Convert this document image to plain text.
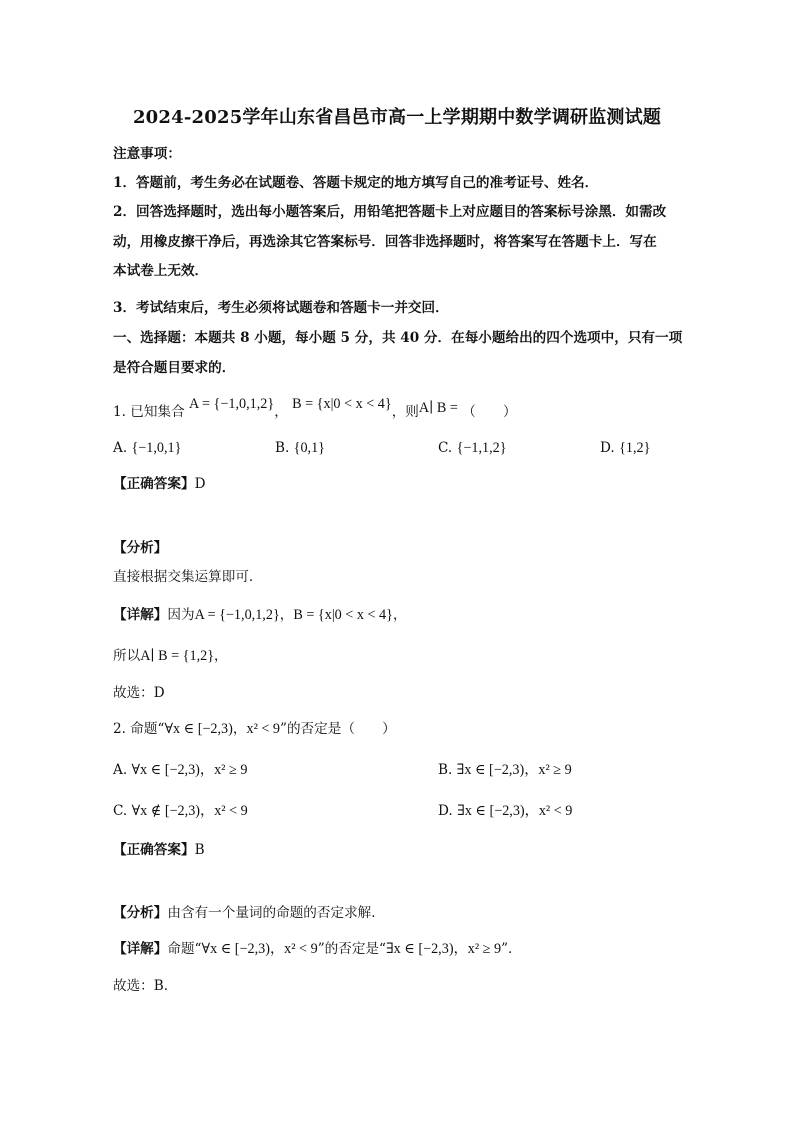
2024-2025学年山东省昌邑市高一上学期期中数学调研监测试题
注意事项：
1．答题前，考生务必在试题卷、答题卡规定的地方填写自己的准考证号、姓名．
2．回答选择题时，选出每小题答案后，用铅笔把答题卡上对应题目的答案标号涂黑．如需改
动，用橡皮擦干净后，再选涂其它答案标号．回答非选择题时，将答案写在答题卡上．写在
本试卷上无效．
3．考试结束后，考生必须将试题卷和答题卡一并交回．
一、选择题：本题共 8 小题，每小题 5 分，共 40 分．在每小题给出的四个选项中，只有一项
是符合题目要求的．
1. 已知集合 A = {−1,0,1,2}， B = {x|0 < x < 4}，则A∣ B = （　　）
A. {−1,0,1}	B. {0,1}	C. {−1,1,2}	D. {1,2}
【正确答案】D
【分析】
直接根据交集运算即可．
【详解】因为A = {−1,0,1,2}，B = {x|0 < x < 4}，
所以A∣ B = {1,2}，
故选：D
2. 命题“∀x ∈ [−2,3)，x² < 9”的否定是（　　）
A. ∀x ∈ [−2,3)，x² ≥ 9	B. ∃x ∈ [−2,3)，x² ≥ 9
C. ∀x ∉ [−2,3)，x² < 9	D. ∃x ∈ [−2,3)，x² < 9
【正确答案】B
【分析】由含有一个量词的命题的否定求解．
【详解】命题“∀x ∈ [−2,3)，x² < 9”的否定是“∃x ∈ [−2,3)，x² ≥ 9”．
故选：B.
